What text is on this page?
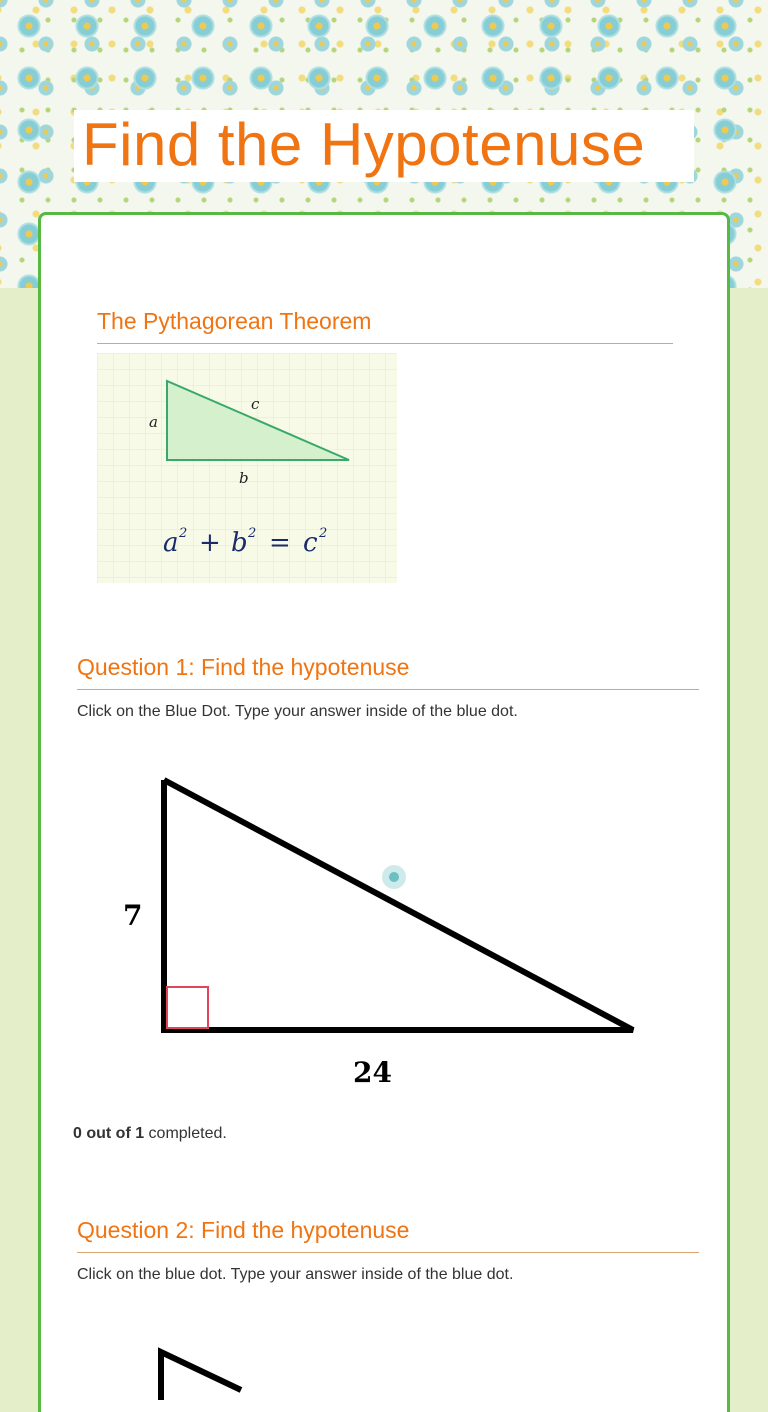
Find the Hypotenuse
The Pythagorean Theorem
a
c
b
a 2 + b 2 = c 2
Question 1: Find the hypotenuse
Click on the Blue Dot. Type your answer inside of the blue dot.
7
24
0 out of 1 completed.
Question 2: Find the hypotenuse
Click on the blue dot. Type your answer inside of the blue dot.
